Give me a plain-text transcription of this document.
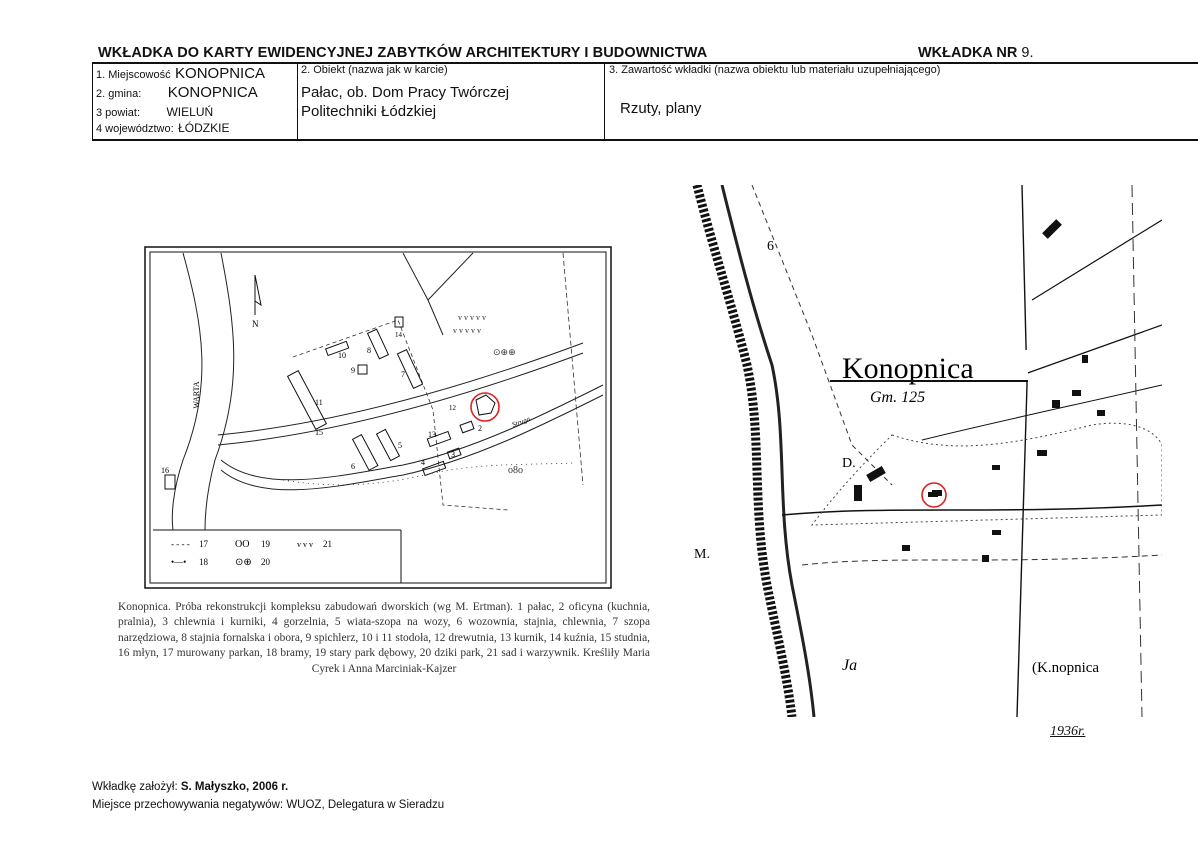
WKŁADKA DO KARTY EWIDENCYJNEJ ZABYTKÓW ARCHITEKTURY I BUDOWNICTWA	WKŁADKA NR 9.
1. Miejscowość KONOPNICA
2. gmina: KONOPNICA
3 powiat: WIELUŃ
4 województwo: ŁÓDZKIE
2. Obiekt (nazwa jak w karcie)
Pałac, ob. Dom Pracy Twórczej
Politechniki Łódzkiej
3. Zawartość wkładki (nazwa obiektu lub materiału uzupełniającego)
Rzuty, plany
WARTA
N
Struga
11
10
9
8
7
14
12
2
13
5
6	4
3
15
16
v v v v v
v v v v v
⊙⊕⊕
o8o
- - - - 17
•—• 18
OO 19
⊙⊕ 20
v v v 21
Konopnica. Próba rekonstrukcji kompleksu zabudowań dworskich (wg M. Ertman). 1 pałac, 2 oficyna (kuchnia, pralnia), 3 chlewnia i kurniki, 4 gorzelnia, 5 wiata-szopa na wozy, 6 wozownia, stajnia, chlewnia, 7 szopa narzędziowa, 8 stajnia fornalska i obora, 9 spichlerz, 10 i 11 stodoła, 12 drewutnia, 13 kurnik, 14 kuźnia, 15 studnia, 16 młyn, 17 murowany parkan, 18 bramy, 19 stary park dębowy, 20 dziki park, 21 sad i warzywnik. Kreśliły Maria Cyrek i Anna Marciniak-Kajzer
Konopnica
Gm. 125
D.
6
M.
Ja	(K.nopnica
1936r.
Wkładkę założył: S. Małyszko, 2006 r.
Miejsce przechowywania negatywów: WUOZ, Delegatura w Sieradzu
